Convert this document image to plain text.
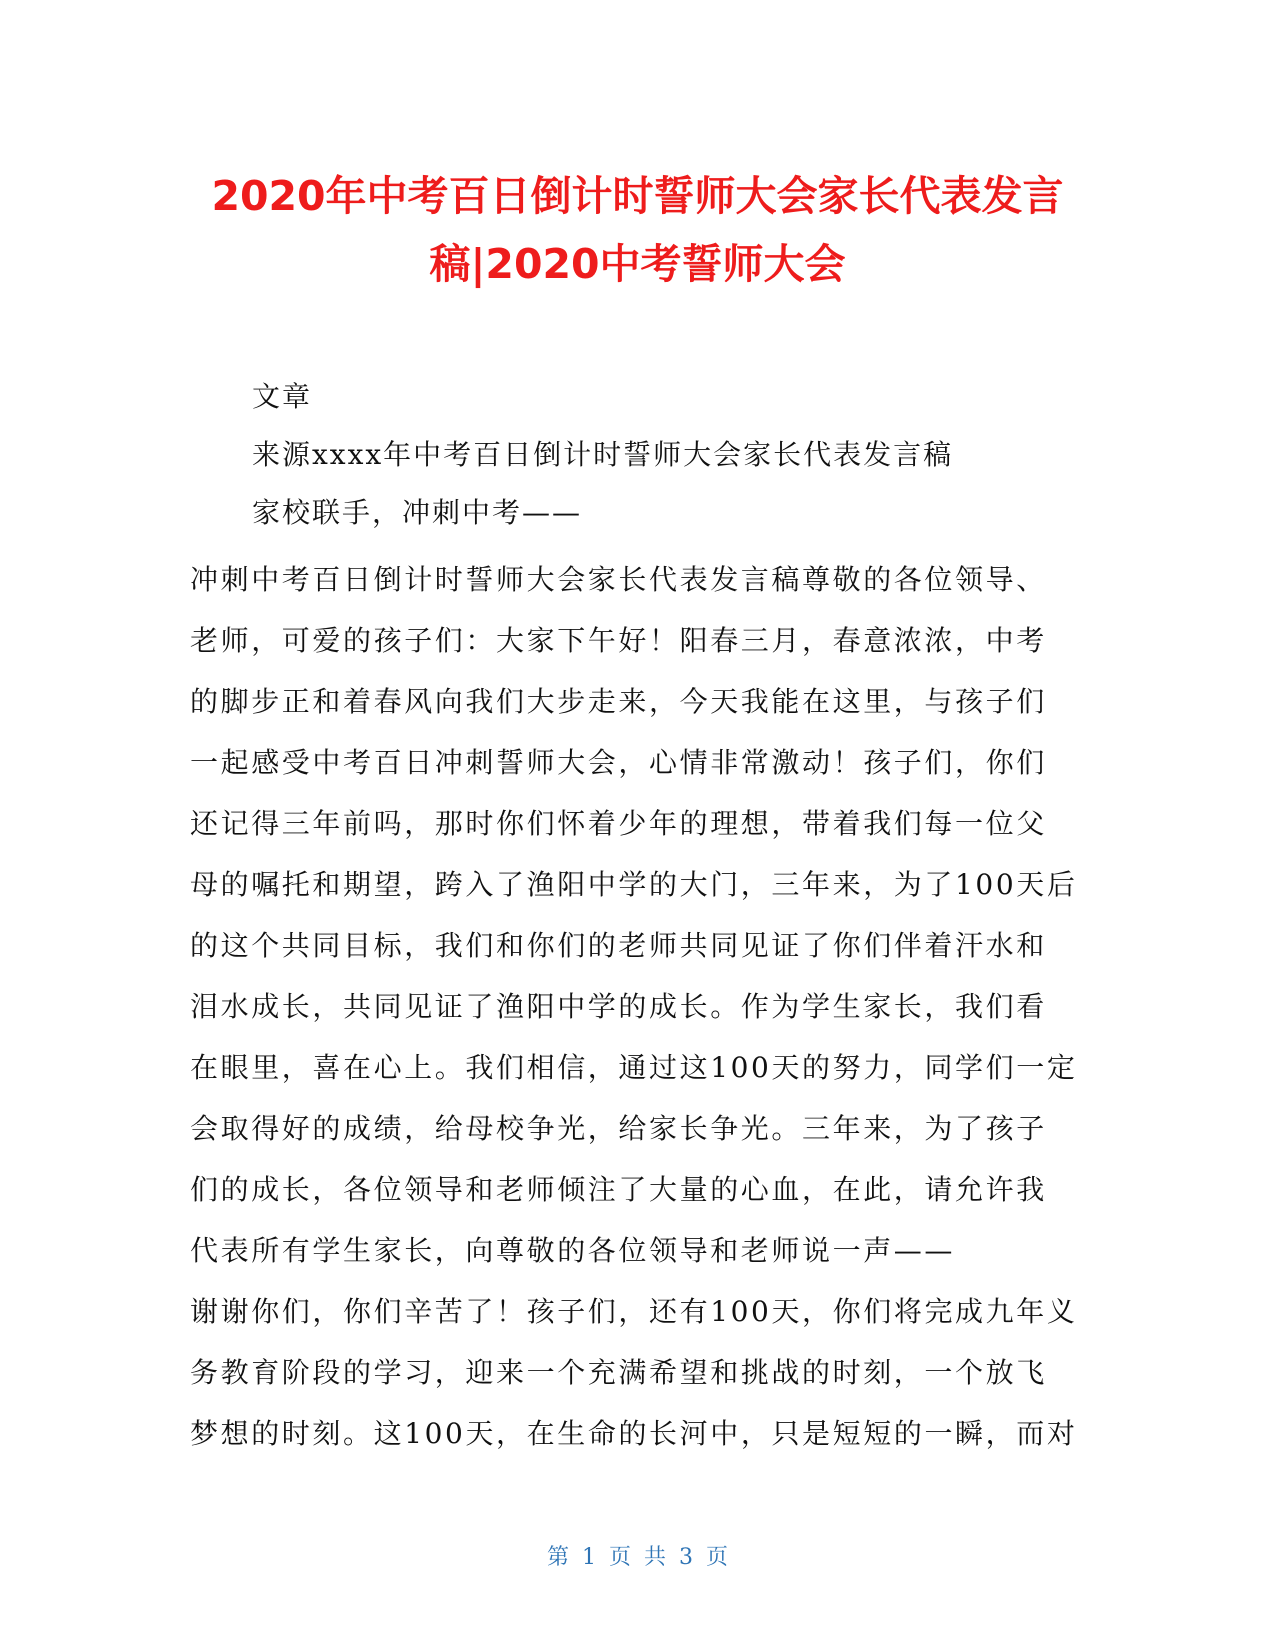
2020年中考百日倒计时誓师大会家长代表发言
稿|2020中考誓师大会

文章

来源xxxx年中考百日倒计时誓师大会家长代表发言稿

家校联手，冲刺中考——

冲刺中考百日倒计时誓师大会家长代表发言稿尊敬的各位领导、
老师，可爱的孩子们：大家下午好！阳春三月，春意浓浓，中考
的脚步正和着春风向我们大步走来，今天我能在这里，与孩子们
一起感受中考百日冲刺誓师大会，心情非常激动！孩子们，你们
还记得三年前吗，那时你们怀着少年的理想，带着我们每一位父
母的嘱托和期望，跨入了渔阳中学的大门，三年来，为了100天后
的这个共同目标，我们和你们的老师共同见证了你们伴着汗水和
泪水成长，共同见证了渔阳中学的成长。作为学生家长，我们看
在眼里，喜在心上。我们相信，通过这100天的努力，同学们一定
会取得好的成绩，给母校争光，给家长争光。三年来，为了孩子
们的成长，各位领导和老师倾注了大量的心血，在此，请允许我
代表所有学生家长，向尊敬的各位领导和老师说一声——
谢谢你们，你们辛苦了！孩子们，还有100天，你们将完成九年义
务教育阶段的学习，迎来一个充满希望和挑战的时刻，一个放飞
梦想的时刻。这100天，在生命的长河中，只是短短的一瞬，而对
第 1 页 共 3 页
